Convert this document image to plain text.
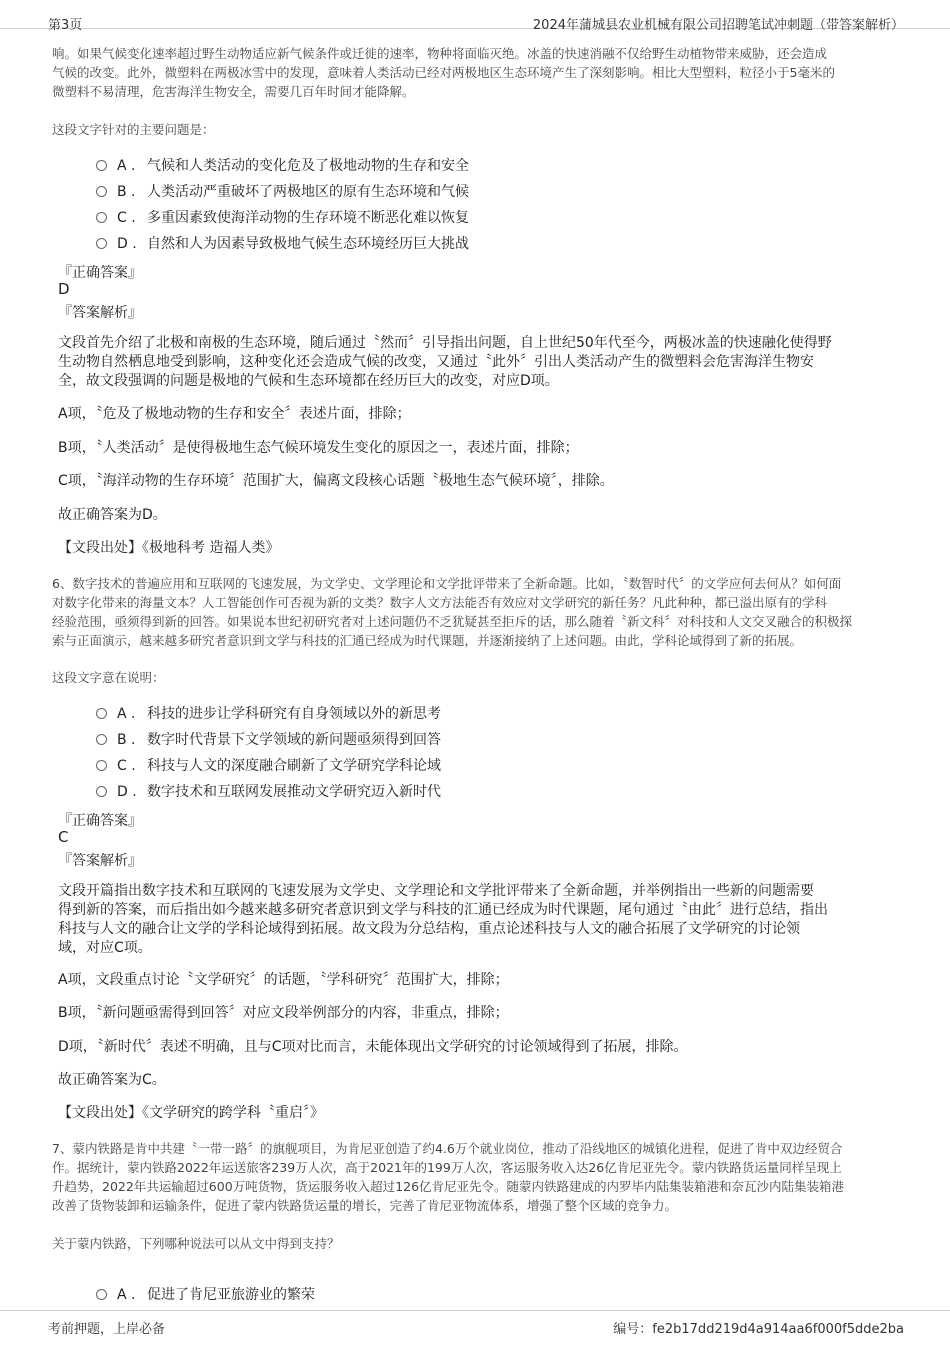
第3页	2024年蒲城县农业机械有限公司招聘笔试冲刺题（带答案解析）
响。如果气候变化速率超过野生动物适应新气候条件或迁徙的速率，物种将面临灭绝。冰盖的快速消融不仅给野生动植物带来威胁，还会造成
气候的改变。此外，微塑料在两极冰雪中的发现，意味着人类活动已经对两极地区生态环境产生了深刻影响。相比大型塑料，粒径小于5毫米的
微塑料不易清理，危害海洋生物安全，需要几百年时间才能降解。
这段文字针对的主要问题是：
A . 气候和人类活动的变化危及了极地动物的生存和安全
B . 人类活动严重破坏了两极地区的原有生态环境和气候
C . 多重因素致使海洋动物的生存环境不断恶化难以恢复
D . 自然和人为因素导致极地气候生态环境经历巨大挑战
『正确答案』
D
『答案解析』
文段首先介绍了北极和南极的生态环境，随后通过〝然而〞引导指出问题，自上世纪50年代至今，两极冰盖的快速融化使得野
生动物自然栖息地受到影响，这种变化还会造成气候的改变，又通过〝此外〞引出人类活动产生的微塑料会危害海洋生物安
全，故文段强调的问题是极地的气候和生态环境都在经历巨大的改变，对应D项。
A项，〝危及了极地动物的生存和安全〞表述片面，排除；
B项，〝人类活动〞是使得极地生态气候环境发生变化的原因之一，表述片面，排除；
C项，〝海洋动物的生存环境〞范围扩大，偏离文段核心话题〝极地生态气候环境〞，排除。
故正确答案为D。
【文段出处】《极地科考 造福人类》
6、数字技术的普遍应用和互联网的飞速发展，为文学史、文学理论和文学批评带来了全新命题。比如，〝数智时代〞的文学应何去何从？如何面
对数字化带来的海量文本？人工智能创作可否视为新的文类？数字人文方法能否有效应对文学研究的新任务？凡此种种，都已溢出原有的学科
经验范围，亟须得到新的回答。如果说本世纪初研究者对上述问题仍不乏犹疑甚至拒斥的话，那么随着〝新文科〞对科技和人文交叉融合的积极探
索与正面演示，越来越多研究者意识到文学与科技的汇通已经成为时代课题，并逐渐接纳了上述问题。由此，学科论域得到了新的拓展。
这段文字意在说明：
A . 科技的进步让学科研究有自身领域以外的新思考
B . 数字时代背景下文学领域的新问题亟须得到回答
C . 科技与人文的深度融合刷新了文学研究学科论域
D . 数字技术和互联网发展推动文学研究迈入新时代
『正确答案』
C
『答案解析』
文段开篇指出数字技术和互联网的飞速发展为文学史、文学理论和文学批评带来了全新命题，并举例指出一些新的问题需要
得到新的答案，而后指出如今越来越多研究者意识到文学与科技的汇通已经成为时代课题，尾句通过〝由此〞进行总结，指出
科技与人文的融合让文学的学科论域得到拓展。故文段为分总结构，重点论述科技与人文的融合拓展了文学研究的讨论领
域，对应C项。
A项，文段重点讨论〝文学研究〞的话题，〝学科研究〞范围扩大，排除；
B项，〝新问题亟需得到回答〞对应文段举例部分的内容，非重点，排除；
D项，〝新时代〞表述不明确，且与C项对比而言，未能体现出文学研究的讨论领域得到了拓展，排除。
故正确答案为C。
【文段出处】《文学研究的跨学科〝重启〞》
7、蒙内铁路是肯中共建〝一带一路〞的旗舰项目，为肯尼亚创造了约4.6万个就业岗位，推动了沿线地区的城镇化进程，促进了肯中双边经贸合
作。据统计，蒙内铁路2022年运送旅客239万人次，高于2021年的199万人次，客运服务收入达26亿肯尼亚先令。蒙内铁路货运量同样呈现上
升趋势，2022年共运输超过600万吨货物，货运服务收入超过126亿肯尼亚先令。随蒙内铁路建成的内罗毕内陆集装箱港和奈瓦沙内陆集装箱港
改善了货物装卸和运输条件，促进了蒙内铁路货运量的增长，完善了肯尼亚物流体系，增强了整个区域的竞争力。
关于蒙内铁路，下列哪种说法可以从文中得到支持？
A . 促进了肯尼亚旅游业的繁荣
考前押题，上岸必备	编号：fe2b17dd219d4a914aa6f000f5dde2ba
